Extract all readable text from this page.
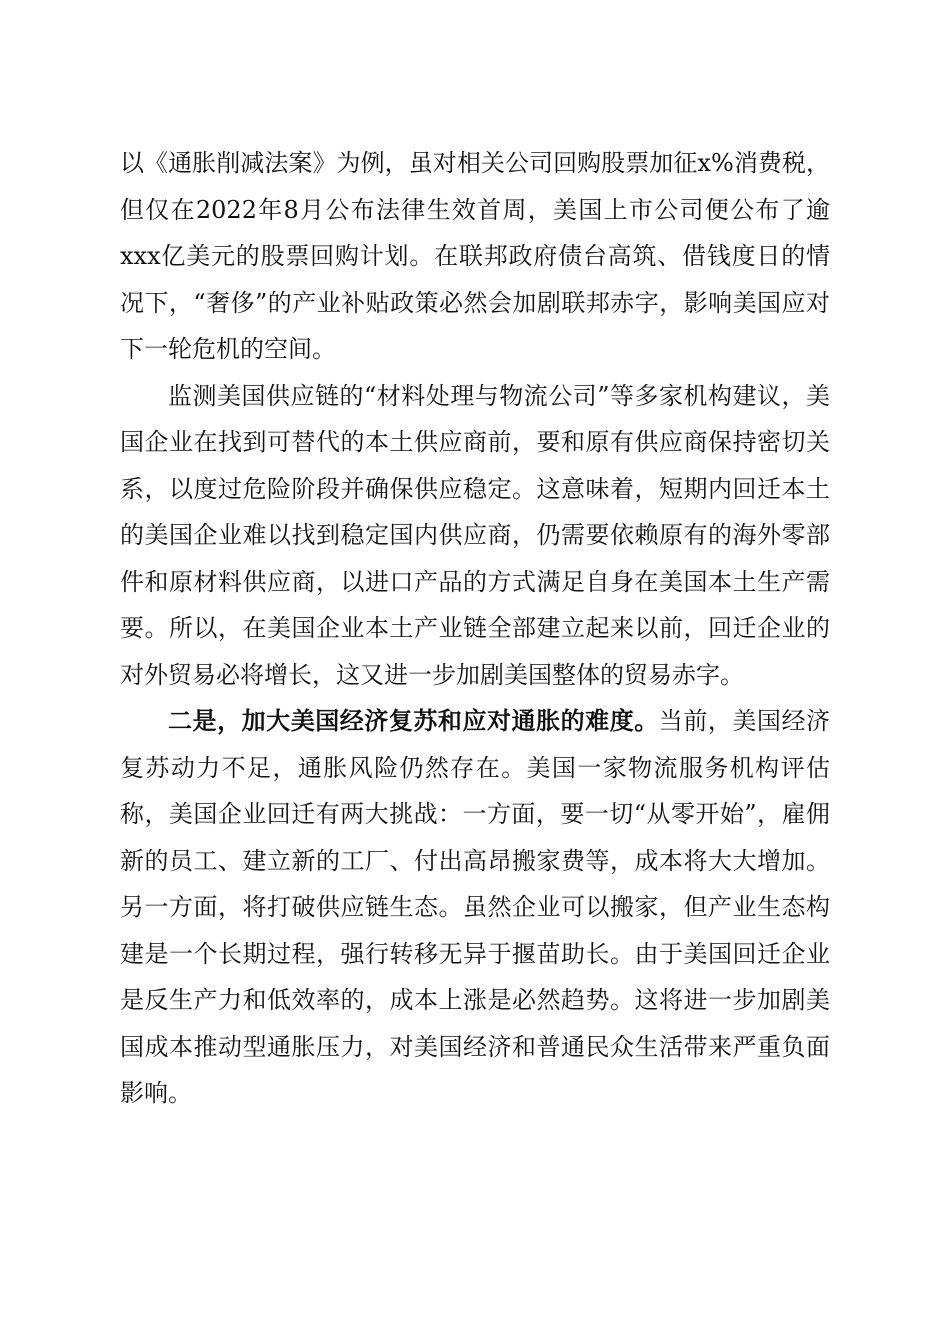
以《通胀削减法案》为例，虽对相关公司回购股票加征x%消费税，但仅在2022年8月公布法律生效首周，美国上市公司便公布了逾xxx亿美元的股票回购计划。在联邦政府债台高筑、借钱度日的情况下，“奢侈”的产业补贴政策必然会加剧联邦赤字，影响美国应对下一轮危机的空间。

监测美国供应链的“材料处理与物流公司”等多家机构建议，美国企业在找到可替代的本土供应商前，要和原有供应商保持密切关系，以度过危险阶段并确保供应稳定。这意味着，短期内回迁本土的美国企业难以找到稳定国内供应商，仍需要依赖原有的海外零部件和原材料供应商，以进口产品的方式满足自身在美国本土生产需要。所以，在美国企业本土产业链全部建立起来以前，回迁企业的对外贸易必将增长，这又进一步加剧美国整体的贸易赤字。

二是，加大美国经济复苏和应对通胀的难度。当前，美国经济复苏动力不足，通胀风险仍然存在。美国一家物流服务机构评估称，美国企业回迁有两大挑战：一方面，要一切“从零开始”，雇佣新的员工、建立新的工厂、付出高昂搬家费等，成本将大大增加。另一方面，将打破供应链生态。虽然企业可以搬家，但产业生态构建是一个长期过程，强行转移无异于揠苗助长。由于美国回迁企业是反生产力和低效率的，成本上涨是必然趋势。这将进一步加剧美国成本推动型通胀压力，对美国经济和普通民众生活带来严重负面影响。
